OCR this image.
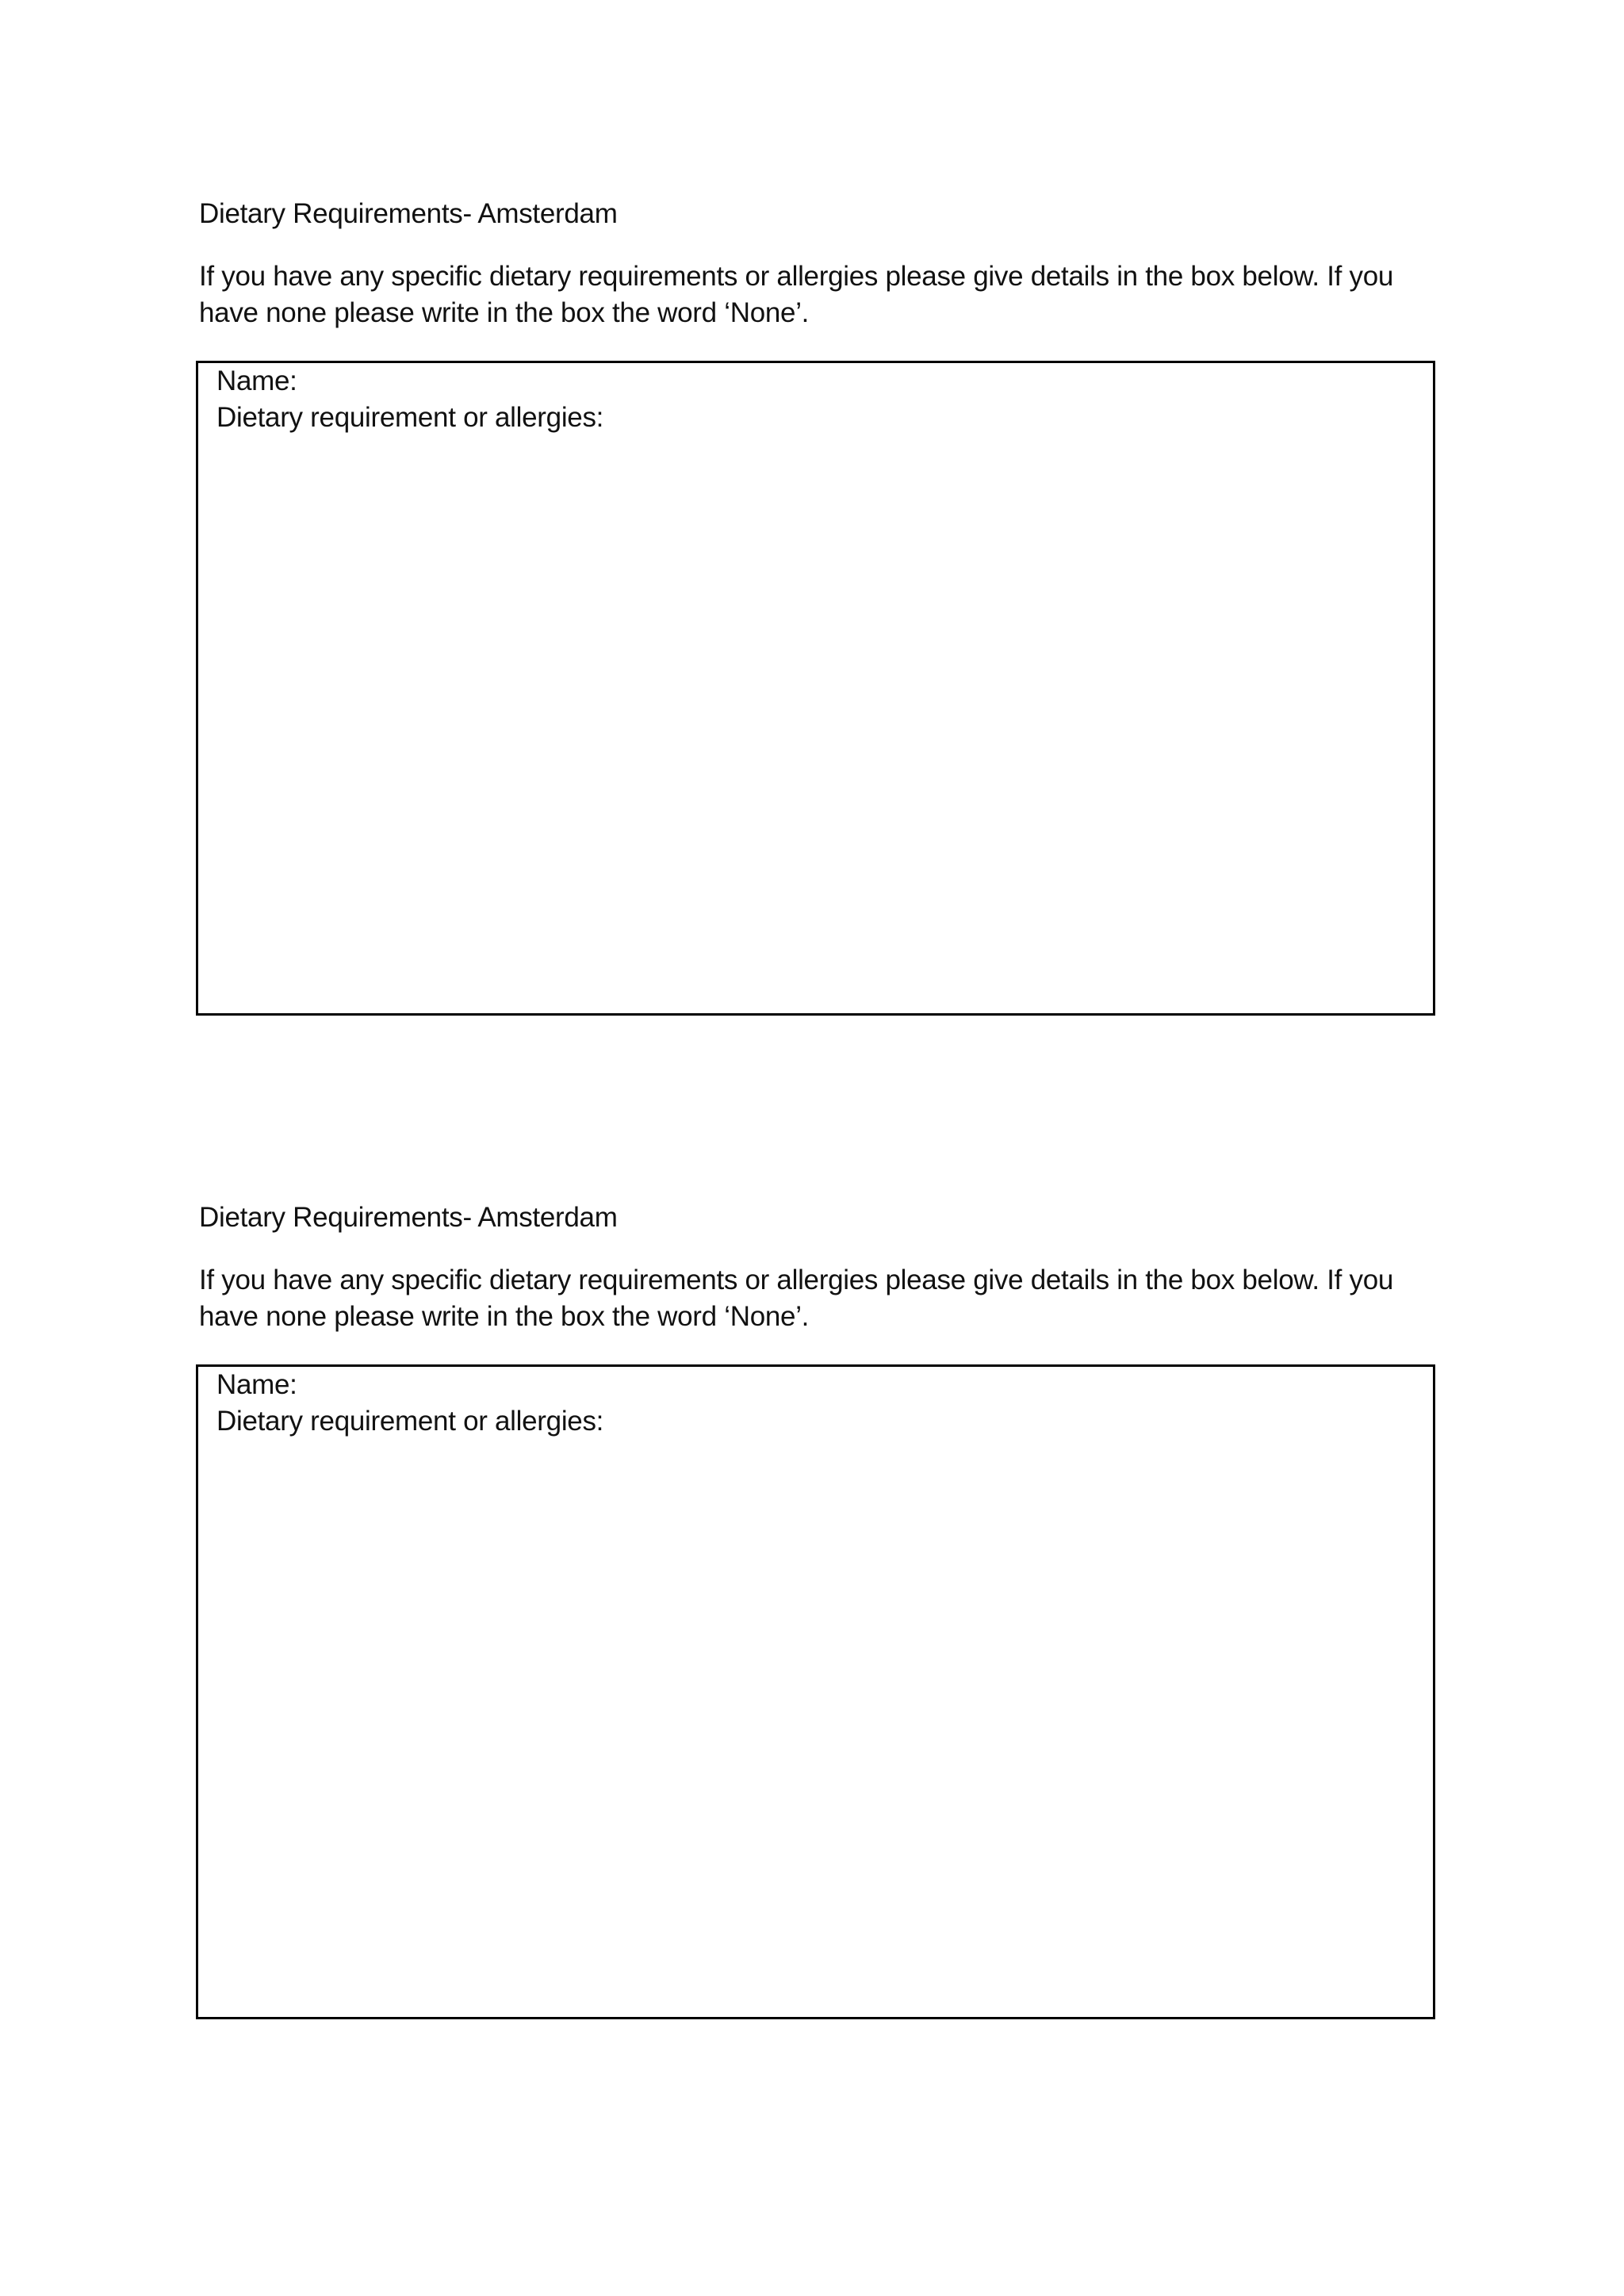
Dietary Requirements- Amsterdam
If you have any specific dietary requirements or allergies please give details in the box below. If you
have none please write in the box the word ‘None’.
Name:
Dietary requirement or allergies:
Dietary Requirements- Amsterdam
If you have any specific dietary requirements or allergies please give details in the box below. If you
have none please write in the box the word ‘None’.
Name:
Dietary requirement or allergies:
